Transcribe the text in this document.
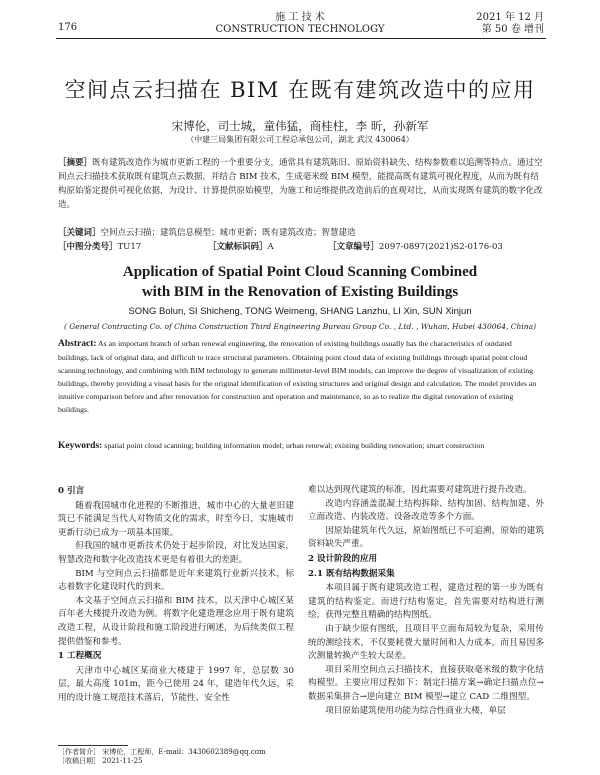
176
施 工 技 术
CONSTRUCTION TECHNOLOGY
2021 年 12 月
第 50 卷 增刊
空间点云扫描在 BIM 在既有建筑改造中的应用
宋博伦，司士城，童伟猛，商桂柱，李 昕，孙新军
（中建三局集团有限公司工程总承包公司，湖北 武汉 430064）
［摘要］既有建筑改造作为城市更新工程的一个重要分支，通常具有建筑陈旧、原始资料缺失、结构参数难以追溯等特点。通过空间点云扫描技术获取既有建筑点云数据，并结合 BIM 技术，生成毫米级 BIM 模型，能提高既有建筑可视化程度，从而为既有结构原始鉴定提供可视化依据，为设计、计算提供原始模型，为施工和运维提供改造前后的直观对比，从而实现既有建筑的数字化改造。
［关键词］空间点云扫描；建筑信息模型；城市更新；既有建筑改造；智慧建造
［中图分类号］TU17	［文献标识码］A	［文章编号］2097-0897(2021)S2-0176-03
Application of Spatial Point Cloud Scanning Combined
with BIM in the Renovation of Existing Buildings
SONG Bolun, SI Shicheng, TONG Weimeng, SHANG Lanzhu, LI Xin, SUN Xinjun
( General Contracting Co. of China Construction Third Engineering Bureau Group Co. , Ltd. , Wuhan, Hubei 430064, China)
Abstract: As an important branch of urban renewal engineering, the renovation of existing buildings usually has the characteristics of outdated buildings, lack of original data, and difficult to trace structural parameters. Obtaining point cloud data of existing buildings through spatial point cloud scanning technology, and combining with BIM technology to generate millimeter-level BIM models, can improve the degree of visualization of existing buildings, thereby providing a visual basis for the original identification of existing structures and original design and calculation. The model provides an intuitive comparison before and after renovation for construction and operation and maintenance, so as to realize the digital renovation of existing buildings.
Keywords: spatial point cloud scanning; building information model; urban renewal; existing building renovation; smart construction

0 引言

随着我国城市化进程的不断推进，城市中心的大量老旧建筑已不能满足当代人对物质文化的需求，时至今日，实施城市更新行动已成为一项基本国策。

但我国的城市更新技术仍处于起步阶段，对比发达国家，智慧改造和数字化改造技术更是有着很大的差距。

BIM 与空间点云扫描都是近年来建筑行业新兴技术，标志着数字化建设时代的到来。

本文基于空间点云扫描和 BIM 技术，以天津中心城区某百年老大楼提升改造为例。将数字化建造理念应用于既有建筑改造工程，从设计阶段和施工阶段进行阐述，为后续类似工程提供借鉴和参考。

1 工程概况

天津市中心城区某商业大楼建于 1997 年，总层数 30 层，最大高度 101m，距今已使用 24 年，建造年代久远，采用的设计施工规范技术落后，节能性、安全性

难以达到现代建筑的标准，因此需要对建筑进行提升改造。

改造内容涵盖混凝土结构拆除、结构加固、结构加建、外立面改造、内装改造、设备改造等多个方面。

因原始建筑年代久远，原始图纸已不可追溯，原始的建筑资料缺失严重。

2 设计阶段的应用

2.1 既有结构数据采集

本项目属于既有建筑改造工程，建造过程的第一步为既有建筑的结构鉴定。而进行结构鉴定，首先需要对结构进行测绘，获得完整且精确的结构图纸。

由于缺少原有图纸，且项目平立面布局较为复杂，采用传统的测绘技术，不仅要耗费大量时间和人力成本，而且易因多次测量转换产生较大误差。

项目采用空间点云扫描技术，直接获取毫米级的数字化结构模型。主要应用过程如下：制定扫描方案→确定扫描点位→数据采集拼合→逆向建立 BIM 模型→建立 CAD 二维图型。

项目原始建筑使用功能为综合性商业大楼，单层

［作者简介］ 宋博伦，工程师，E-mail：3430602389@qq.com
［收稿日期］ 2021-11-25
